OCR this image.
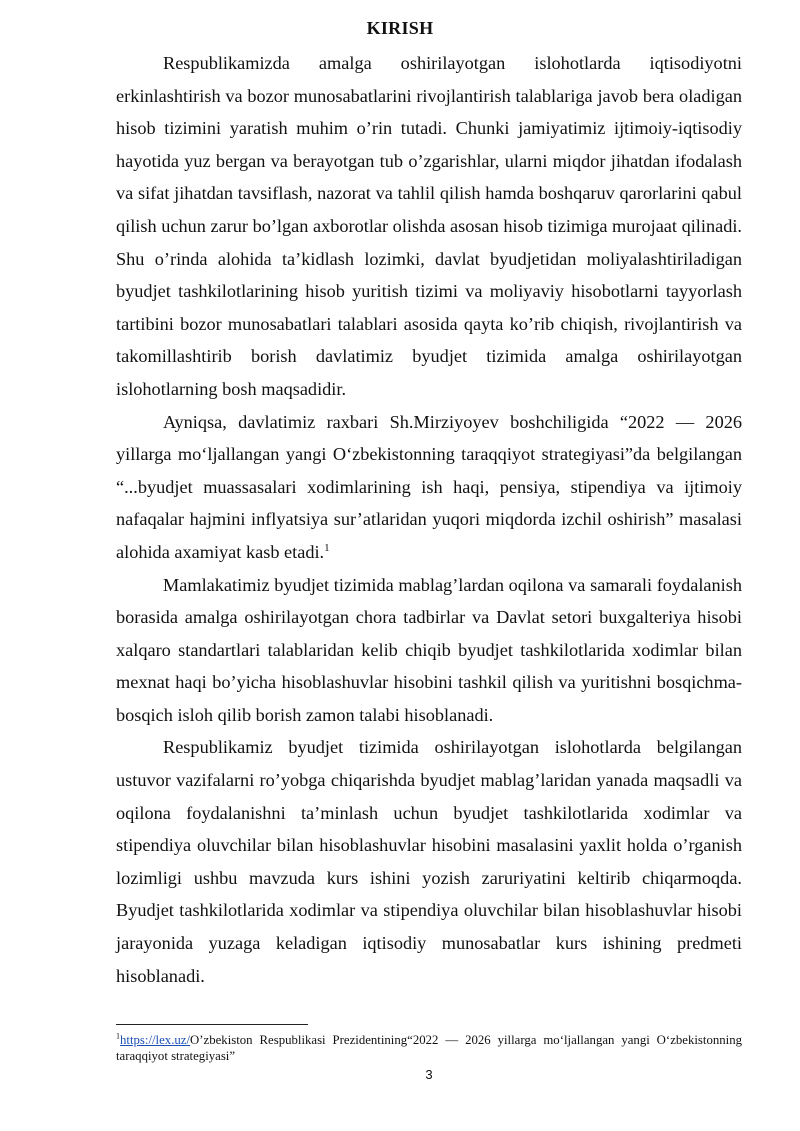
KIRISH

Respublikamizda amalga oshirilayotgan islohotlarda iqtisodiyotni erkinlashtirish va bozor munosabatlarini rivojlantirish talablariga javob bera oladigan hisob tizimini yaratish muhim o’rin tutadi. Chunki jamiyatimiz ijtimoiy-iqtisodiy hayotida yuz bergan va berayotgan tub o’zgarishlar, ularni miqdor jihatdan ifodalash va sifat jihatdan tavsiflash, nazorat va tahlil qilish hamda boshqaruv qarorlarini qabul qilish uchun zarur bo’lgan axborotlar olishda asosan hisob tizimiga murojaat qilinadi. Shu o’rinda alohida ta’kidlash lozimki, davlat byudjetidan moliyalashtiriladigan byudjet tashkilotlarining hisob yuritish tizimi va moliyaviy hisobotlarni tayyorlash tartibini bozor munosabatlari talablari asosida qayta ko’rib chiqish, rivojlantirish va takomillashtirib borish davlatimiz byudjet tizimida amalga oshirilayotgan islohotlarning bosh maqsadidir.

Ayniqsa, davlatimiz raxbari Sh.Mirziyoyev boshchiligida “2022 — 2026 yillarga moʻljallangan yangi Oʻzbekistonning taraqqiyot strategiyasi”da belgilangan “...byudjet muassasalari xodimlarining ish haqi, pensiya, stipendiya va ijtimoiy nafaqalar hajmini inflyatsiya sur’atlaridan yuqori miqdorda izchil oshirish” masalasi alohida axamiyat kasb etadi.$^1$

Mamlakatimiz byudjet tizimida mablag’lardan oqilona va samarali foydalanish borasida amalga oshirilayotgan chora tadbirlar va Davlat setori buxgalteriya hisobi xalqaro standartlari talablaridan kelib chiqib byudjet tashkilotlarida xodimlar bilan mexnat haqi bo’yicha hisoblashuvlar hisobini tashkil qilish va yuritishni bosqichma-bosqich isloh qilib borish zamon talabi hisoblanadi.

Respublikamiz byudjet tizimida oshirilayotgan islohotlarda belgilangan ustuvor vazifalarni ro’yobga chiqarishda byudjet mablag’laridan yanada maqsadli va oqilona foydalanishni ta’minlash uchun byudjet tashkilotlarida xodimlar va stipendiya oluvchilar bilan hisoblashuvlar hisobini masalasini yaxlit holda o’rganish lozimligi ushbu mavzuda kurs ishini yozish zaruriyatini keltirib chiqarmoqda. Byudjet tashkilotlarida xodimlar va stipendiya oluvchilar bilan hisoblashuvlar hisobi jarayonida yuzaga keladigan iqtisodiy munosabatlar kurs ishining predmeti hisoblanadi.

$^1$https://lex.uz/O’zbekiston Respublikasi Prezidentining“2022 — 2026 yillarga moʻljallangan yangi Oʻzbekistonning taraqqiyot strategiyasi”
3
